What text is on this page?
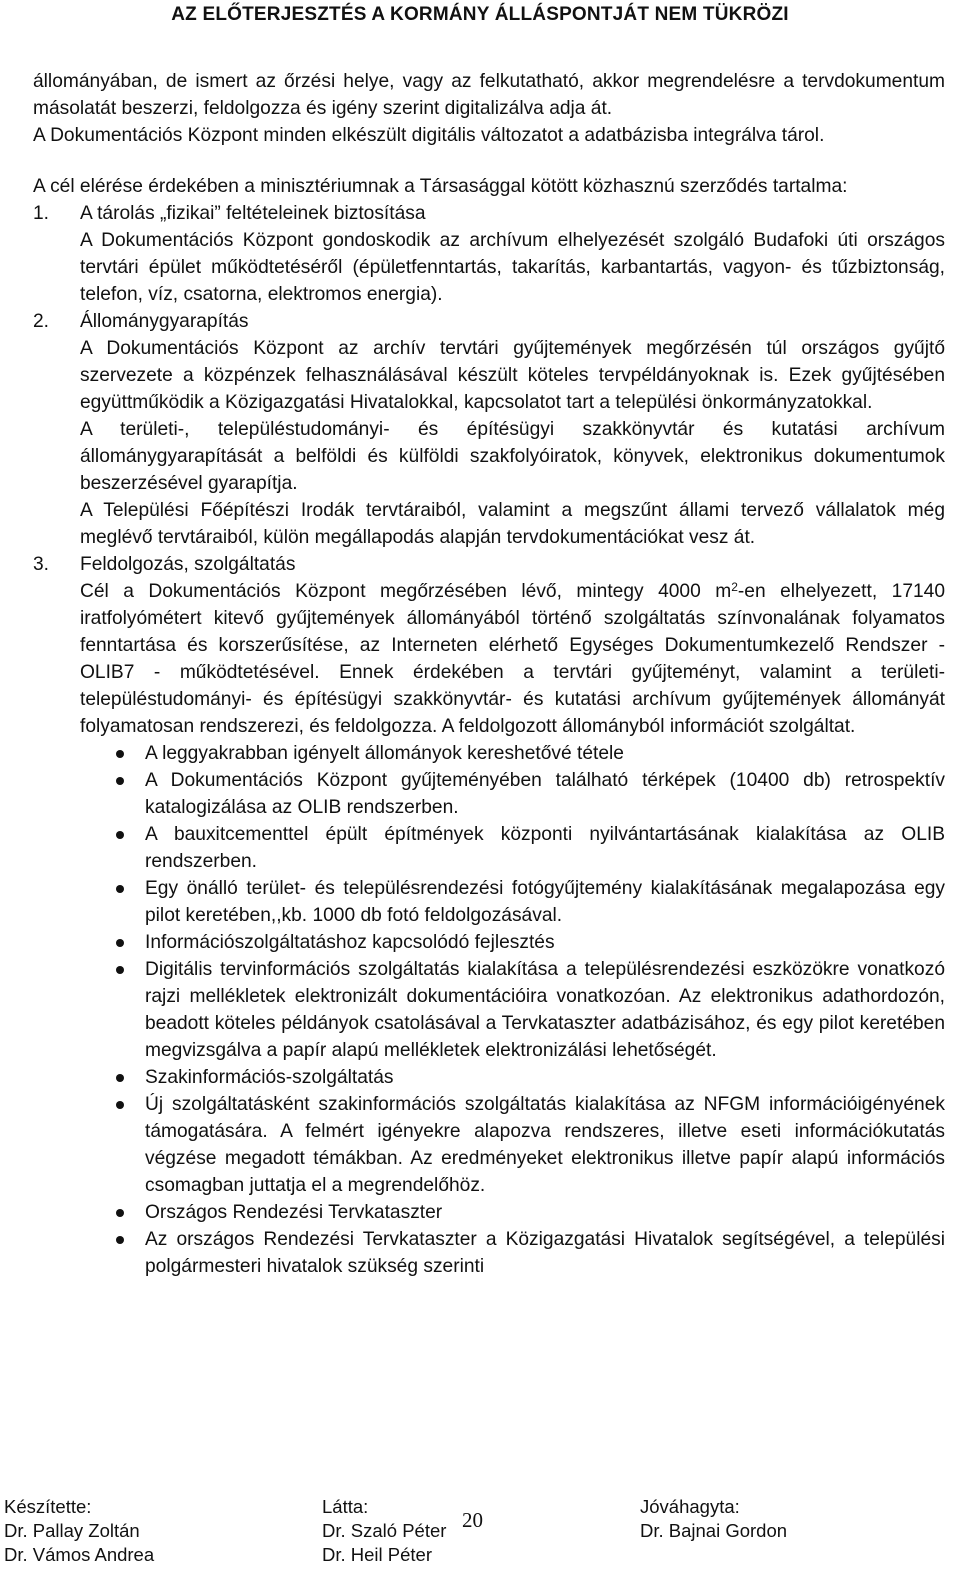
AZ ELŐTERJESZTÉS A KORMÁNY ÁLLÁSPONTJÁT NEM TÜKRÖZI

állományában, de ismert az őrzési helye, vagy az felkutatható, akkor megrendelésre a tervdokumentum másolatát beszerzi, feldolgozza és igény szerint digitalizálva adja át.

A Dokumentációs Központ minden elkészült digitális változatot a adatbázisba integrálva tárol.

A cél elérése érdekében a minisztériumnak a Társasággal kötött közhasznú szerződés tartalma:

1. A tárolás „fizikai” feltételeinek biztosítása

A Dokumentációs Központ gondoskodik az archívum elhelyezését szolgáló Budafoki úti országos tervtári épület működtetéséről (épületfenntartás, takarítás, karbantartás, vagyon- és tűzbiztonság, telefon, víz, csatorna, elektromos energia).

2. Állománygyarapítás

A Dokumentációs Központ az archív tervtári gyűjtemények megőrzésén túl országos gyűjtő szervezete a közpénzek felhasználásával készült köteles tervpéldányoknak is. Ezek gyűjtésében együttműködik a Közigazgatási Hivatalokkal, kapcsolatot tart a települési önkormányzatokkal.

A területi-, településtudományi- és építésügyi szakkönyvtár és kutatási archívum állománygyarapítását a belföldi és külföldi szakfolyóiratok, könyvek, elektronikus dokumentumok beszerzésével gyarapítja.

A Települési Főépítészi Irodák tervtáraiból, valamint a megszűnt állami tervező vállalatok még meglévő tervtáraiból, külön megállapodás alapján tervdokumentációkat vesz át.

3. Feldolgozás, szolgáltatás

Cél a Dokumentációs Központ megőrzésében lévő, mintegy 4000 $m^2-en$ elhelyezett, 17140 iratfolyómétert kitevő gyűjtemények állományából történő szolgáltatás színvonalának folyamatos fenntartása és korszerűsítése, az Interneten elérhető Egységes Dokumentumkezelő Rendszer - OLIB7 - működtetésével. Ennek érdekében a tervtári gyűjteményt, valamint a területi- településtudományi- és építésügyi szakkönyvtár- és kutatási archívum gyűjtemények állományát folyamatosan rendszerezi, és feldolgozza. A feldolgozott állományból információt szolgáltat.

A leggyakrabban igényelt állományok kereshetővé tétele
A Dokumentációs Központ gyűjteményében található térképek (10400 db) retrospektív katalogizálása az OLIB rendszerben.
A bauxitcementtel épült építmények központi nyilvántartásának kialakítása az OLIB rendszerben.
Egy önálló terület- és településrendezési fotógyűjtemény kialakításának megalapozása egy pilot keretében,,kb. 1000 db fotó feldolgozásával.
Információszolgáltatáshoz kapcsolódó fejlesztés
Digitális tervinformációs szolgáltatás kialakítása a településrendezési eszközökre vonatkozó rajzi mellékletek elektronizált dokumentációira vonatkozóan. Az elektronikus adathordozón, beadott köteles példányok csatolásával a Tervkataszter adatbázisához, és egy pilot keretében megvizsgálva a papír alapú mellékletek elektronizálási lehetőségét.
Szakinformációs-szolgáltatás
Új szolgáltatásként szakinformációs szolgáltatás kialakítása az NFGM információigényének támogatására. A felmért igényekre alapozva rendszeres, illetve eseti információkutatás végzése megadott témákban. Az eredményeket elektronikus illetve papír alapú információs csomagban juttatja el a megrendelőhöz.
Országos Rendezési Tervkataszter
Az országos Rendezési Tervkataszter a Közigazgatási Hivatalok segítségével, a települési polgármesteri hivatalok szükség szerinti
20
Készítette:
Dr. Pallay Zoltán
Dr. Vámos Andrea
Látta:
Dr. Szaló Péter
Dr. Heil Péter
Jóváhagyta:
Dr. Bajnai Gordon
